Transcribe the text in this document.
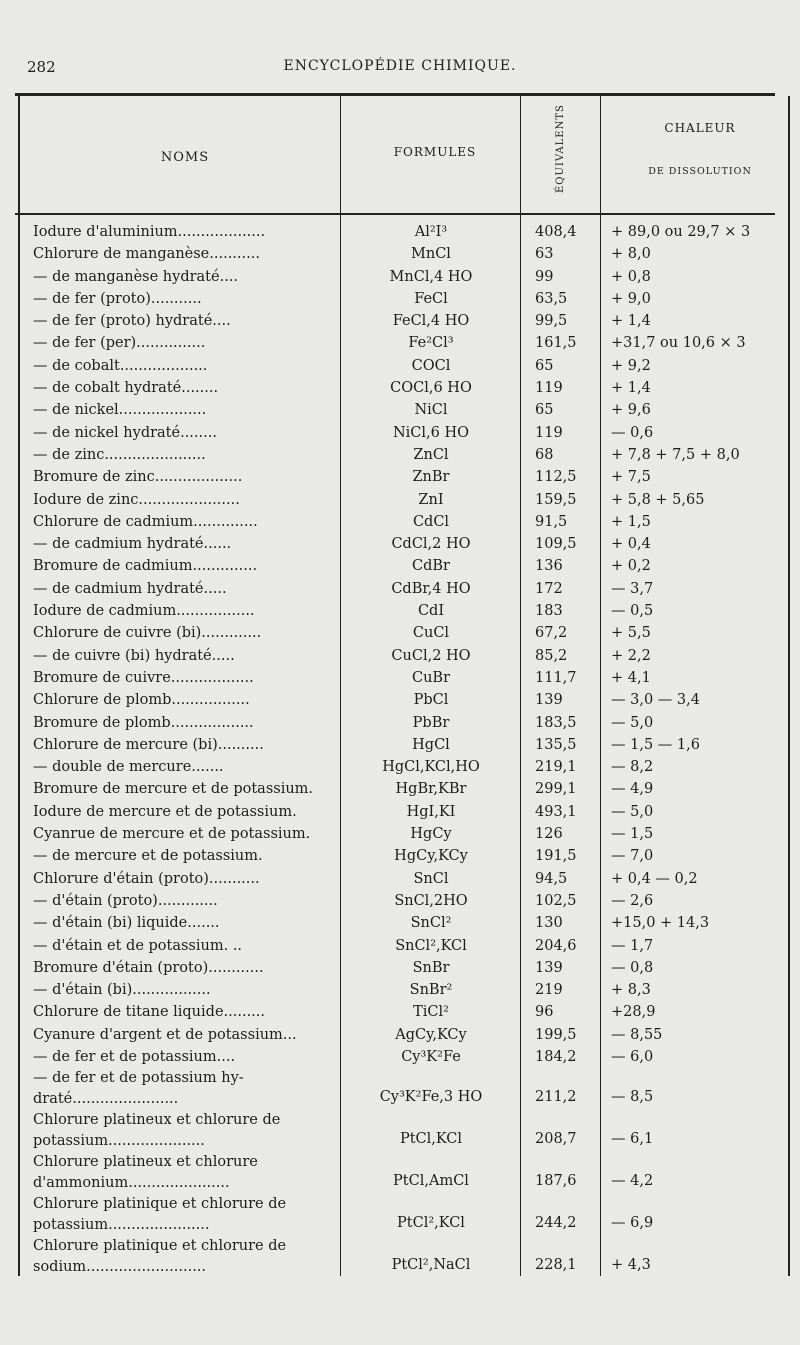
282	ENCYCLOPÉDIE CHIMIQUE.
NOMS	FORMULES	ÉQUIVALENTS	CHALEUR
DE DISSOLUTION
Iodure d'aluminium...................	Al²I³	408,4	+ 89,0 ou 29,7 × 3
Chlorure de manganèse...........	MnCl	63	+ 8,0
— de manganèse hydraté....	MnCl,4 HO	99	+ 0,8
— de fer (proto)...........	FeCl	63,5	+ 9,0
— de fer (proto) hydraté....	FeCl,4 HO	99,5	+ 1,4
— de fer (per)...............	Fe²Cl³	161,5	+31,7 ou 10,6 × 3
— de cobalt...................	COCl	65	+ 9,2
— de cobalt hydraté........	COCl,6 HO	119	+ 1,4
— de nickel...................	NiCl	65	+ 9,6
— de nickel hydraté........	NiCl,6 HO	119	— 0,6
— de zinc......................	ZnCl	68	+ 7,8 + 7,5 + 8,0
Bromure de zinc...................	ZnBr	112,5	+ 7,5
Iodure de zinc......................	ZnI	159,5	+ 5,8 + 5,65
Chlorure de cadmium..............	CdCl	91,5	+ 1,5
— de cadmium hydraté......	CdCl,2 HO	109,5	+ 0,4
Bromure de cadmium..............	CdBr	136	+ 0,2
— de cadmium hydraté.....	CdBr,4 HO	172	— 3,7
Iodure de cadmium.................	CdI	183	— 0,5
Chlorure de cuivre (bi).............	CuCl	67,2	+ 5,5
— de cuivre (bi) hydraté.....	CuCl,2 HO	85,2	+ 2,2
Bromure de cuivre..................	CuBr	111,7	+ 4,1
Chlorure de plomb.................	PbCl	139	— 3,0 — 3,4
Bromure de plomb..................	PbBr	183,5	— 5,0
Chlorure de mercure (bi)..........	HgCl	135,5	— 1,5 — 1,6
— double de mercure.......	HgCl,KCl,HO	219,1	— 8,2
Bromure de mercure et de potassium.	HgBr,KBr	299,1	— 4,9
Iodure de mercure et de potassium.	HgI,KI	493,1	— 5,0
Cyanrue de mercure et de potassium.	HgCy	126	— 1,5
— de mercure et de potassium.	HgCy,KCy	191,5	— 7,0
Chlorure d'étain (proto)...........	SnCl	94,5	+ 0,4 — 0,2
— d'étain (proto).............	SnCl,2HO	102,5	— 2,6
— d'étain (bi) liquide.......	SnCl²	130	+15,0 + 14,3
— d'étain et de potassium. ..	SnCl²,KCl	204,6	— 1,7
Bromure d'étain (proto)............	SnBr	139	— 0,8
— d'étain (bi).................	SnBr²	219	+ 8,3
Chlorure de titane liquide.........	TiCl²	96	+28,9
Cyanure d'argent et de potassium...	AgCy,KCy	199,5	— 8,55
— de fer et de potassium....	Cy³K²Fe	184,2	— 6,0
— de fer et de potassium hy- draté.......................	Cy³K²Fe,3 HO	211,2	— 8,5
Chlorure platineux et chlorure de potassium.....................	PtCl,KCl	208,7	— 6,1
Chlorure platineux et chlorure d'ammonium......................	PtCl,AmCl	187,6	— 4,2
Chlorure platinique et chlorure de potassium......................	PtCl²,KCl	244,2	— 6,9
Chlorure platinique et chlorure de sodium..........................	PtCl²,NaCl	228,1	+ 4,3
